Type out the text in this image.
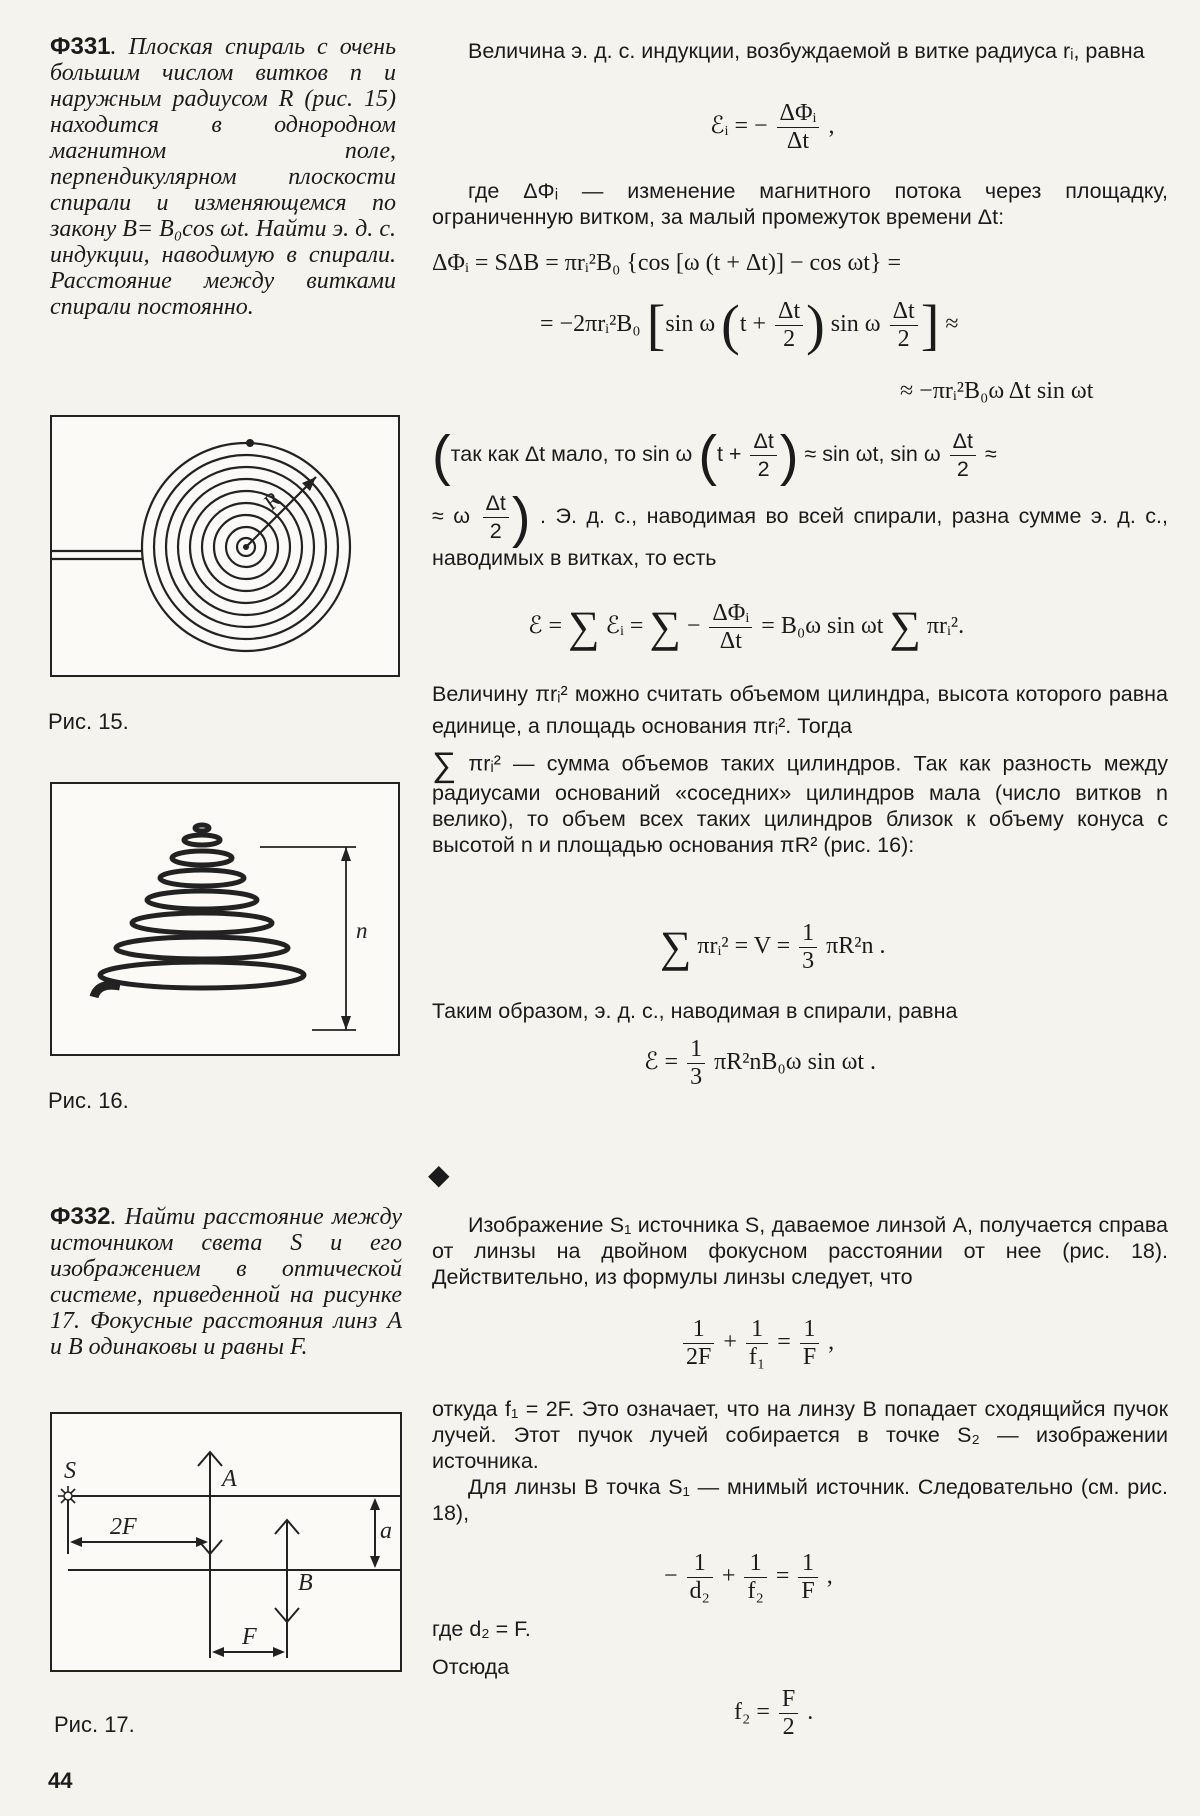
Ф331. Плоская спираль с очень большим числом витков n и наружным радиусом R (рис. 15) находится в однородном магнитном поле, перпендикулярном плоскости спирали и изменяющемся по закону B= B₀cos ωt. Найти э. д. с. индукции, наводимую в спирали. Расстояние между витками спирали постоянно.
R
Рис. 15.
n
Рис. 16.
Ф332. Найти расстояние между источником света S и его изображением в оптической системе, приведенной на рисунке 17. Фокусные расстояния линз A и B одинаковы и равны F.
S	A
B
a
2F
F
Рис. 17.
44
Величина э. д. с. индукции, возбуждаемой в витке радиуса rᵢ, равна
ℰᵢ = − $\frac{\text{ΔΦᵢ}}{\Delta t}$ ,
где ΔΦᵢ — изменение магнитного потока через площадку, ограниченную витком, за малый промежуток времени Δt:
ΔΦᵢ = SΔB = πrᵢ²B₀ {cos [ω (t + Δt)] − cos ωt} =
= −2πrᵢ²B₀ [sin ω ($t + \frac{\Delta t}{2}$ ) sin ω $\frac{\Delta t}{2}$ ] ≈
≈ −πrᵢ²B₀ω Δt sin ωt
(так как Δt мало, то sin ω ($t + \frac{\Delta t}{2}$ ) ≈ sin ωt, sin ω $\frac{\Delta t}{2}$ ≈
≈ ω $\frac{\Delta t}{2}$ ) . Э. д. с., наводимая во всей спирали, разна сумме э. д. с., наводимых в витках, то есть
ℰ = ∑ ℰᵢ = ∑ − $\frac{\text{ΔΦᵢ}}{\Delta t} = B_0\omega$ sin ωt ∑ πrᵢ².
Величину πrᵢ² можно считать объемом цилиндра, высота которого равна единице, а площадь основания πrᵢ². Тогда
∑ πrᵢ² — сумма объемов таких цилиндров. Так как разность между радиусами оснований «соседних» цилиндров мала (число витков n велико), то объем всех таких цилиндров близок к объему конуса с высотой n и площадью основания πR² (рис. 16):
∑ πrᵢ² = $V = \frac{1}{3} \pi R^2n$ .
Таким образом, э. д. с., наводимая в спирали, равна
ℰ = $\frac{1}{3} \pi R^2nB_0\omega$ sin ωt .
◆
Изображение S₁ источника S, даваемое линзой A, получается справа от линзы на двойном фокусном расстоянии от нее (рис. 18). Действительно, из формулы линзы следует, что
$\frac{1}{2F} + \frac{1}{\text{f₁}} = \frac{1}{F}$ ,
откуда f₁ = 2F. Это означает, что на линзу B попадает сходящийся пучок лучей. Этот пучок лучей собирается в точке S₂ — изображении источника.
Для линзы B точка S₁ — мнимый источник. Следовательно (см. рис. 18),
− $\frac{1}{\text{d₂}} + \frac{1}{\text{f₂}} = \frac{1}{F}$ ,
где d₂ = F.
Отсюда
$f_2 = \frac{F}{2}$ .
